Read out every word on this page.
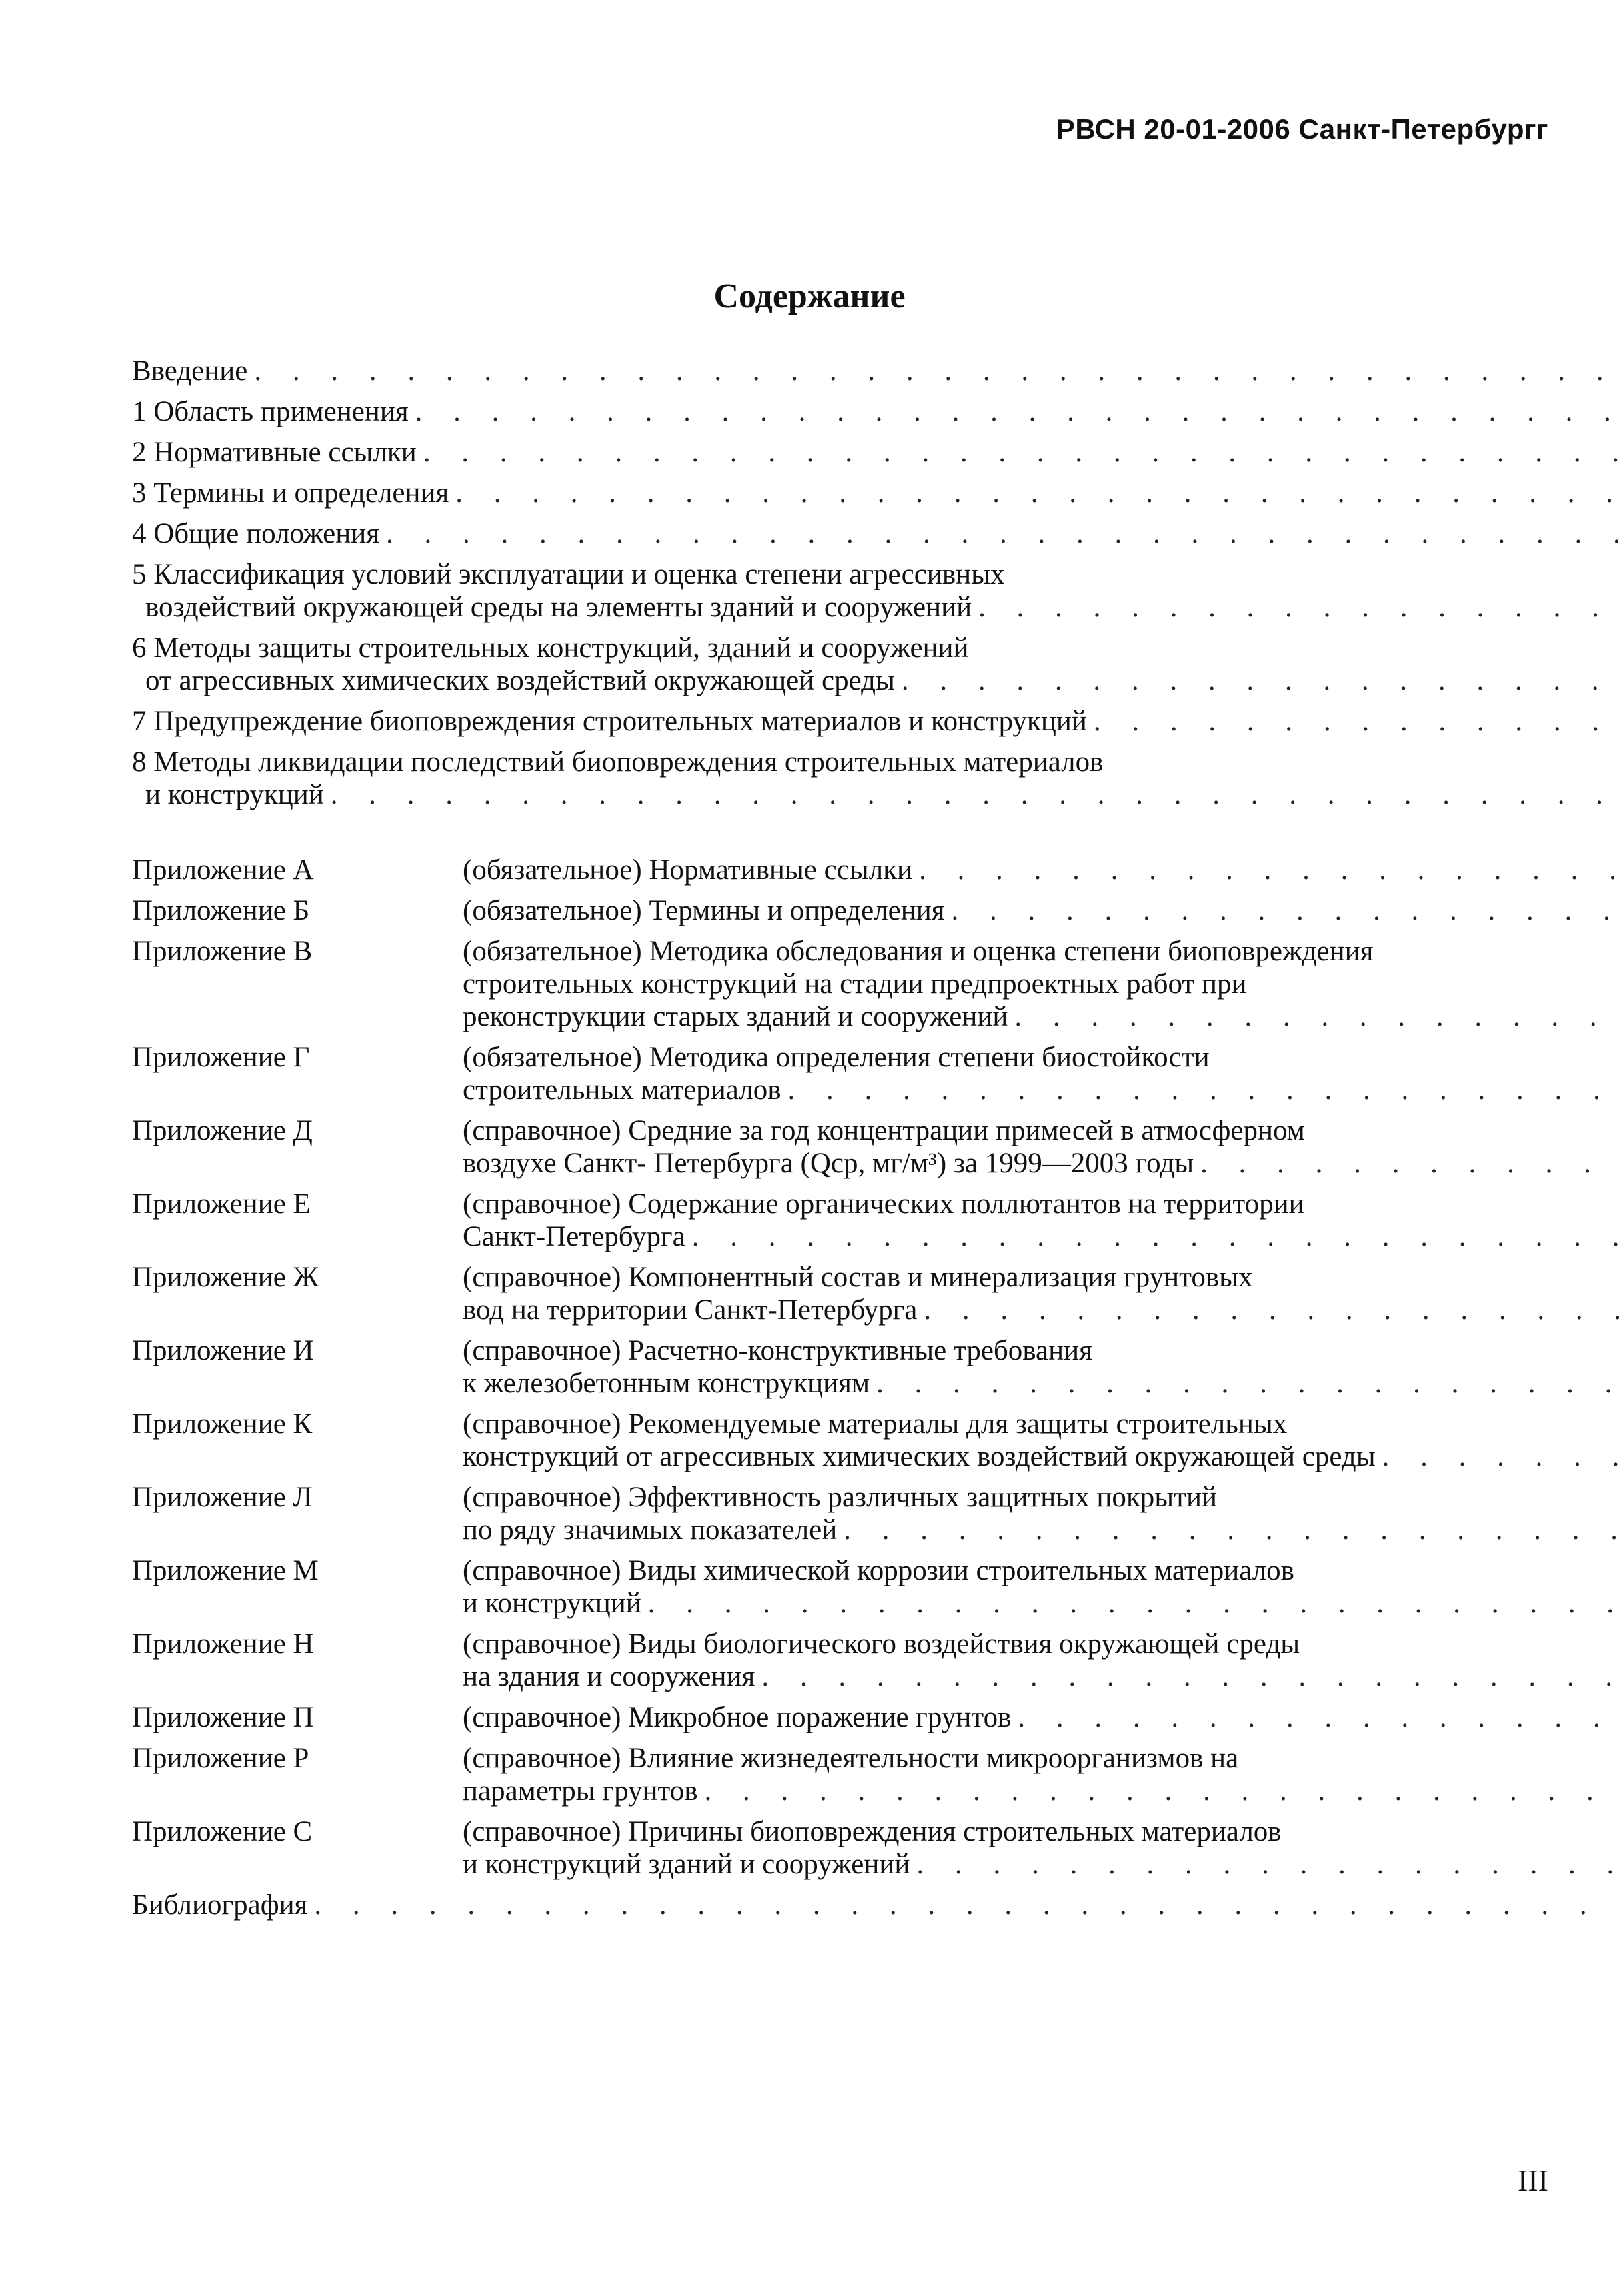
РВСН 20-01-2006 Санкт-Петербургг
Содержание
Введение
. . .
1 Область применения
. . .
2 Нормативные ссылки
. . .
3 Термины и определения
. . .
4 Общие положения
. . .
5 Классификация условий эксплуатации и оценка степени агрессивных
воздействий окружающей среды на элементы зданий и сооружений
. . .
6 Методы защиты строительных конструкций, зданий и сооружений
от агрессивных химических воздействий окружающей среды
. . .
7 Предупреждение биоповреждения строительных материалов и конструкций
. . .
8 Методы ликвидации последствий биоповреждения строительных материалов
и конструкций
. . .
Приложение А	(обязательное) Нормативные ссылки
. . .
Приложение Б	(обязательное) Термины и определения
. . .
Приложение В	(обязательное) Методика обследования и оценка степени биоповреждения
строительных конструкций на стадии предпроектных работ при
реконструкции старых зданий и сооружений
. . .
Приложение Г	(обязательное) Методика определения степени биостойкости
строительных материалов
. . .
Приложение Д	(справочное) Средние за год концентрации примесей в атмосферном
воздухе Санкт- Петербурга (Qср, мг/м³) за 1999—2003 годы
. . .
Приложение Е	(справочное) Содержание органических поллютантов на территории
Санкт-Петербурга
. . .
Приложение Ж	(справочное) Компонентный состав и минерализация грунтовых
вод на территории Санкт-Петербурга
. . .
Приложение И	(справочное) Расчетно-конструктивные требования
к железобетонным конструкциям
. . .
Приложение К	(справочное) Рекомендуемые материалы для защиты строительных
конструкций от агрессивных химических воздействий окружающей среды
. . .
Приложение Л	(справочное) Эффективность различных защитных покрытий
по ряду значимых показателей
. . .
Приложение М	(справочное) Виды химической коррозии строительных материалов
и конструкций
. . .
Приложение Н	(справочное) Виды биологического воздействия окружающей среды
на здания и сооружения
. . .
Приложение П	(справочное) Микробное поражение грунтов
. . .
Приложение Р	(справочное) Влияние жизнедеятельности микроорганизмов на
параметры грунтов
. . .
Приложение С	(справочное) Причины биоповреждения строительных материалов
и конструкций зданий и сооружений
. . .
Библиография
. . .
III
